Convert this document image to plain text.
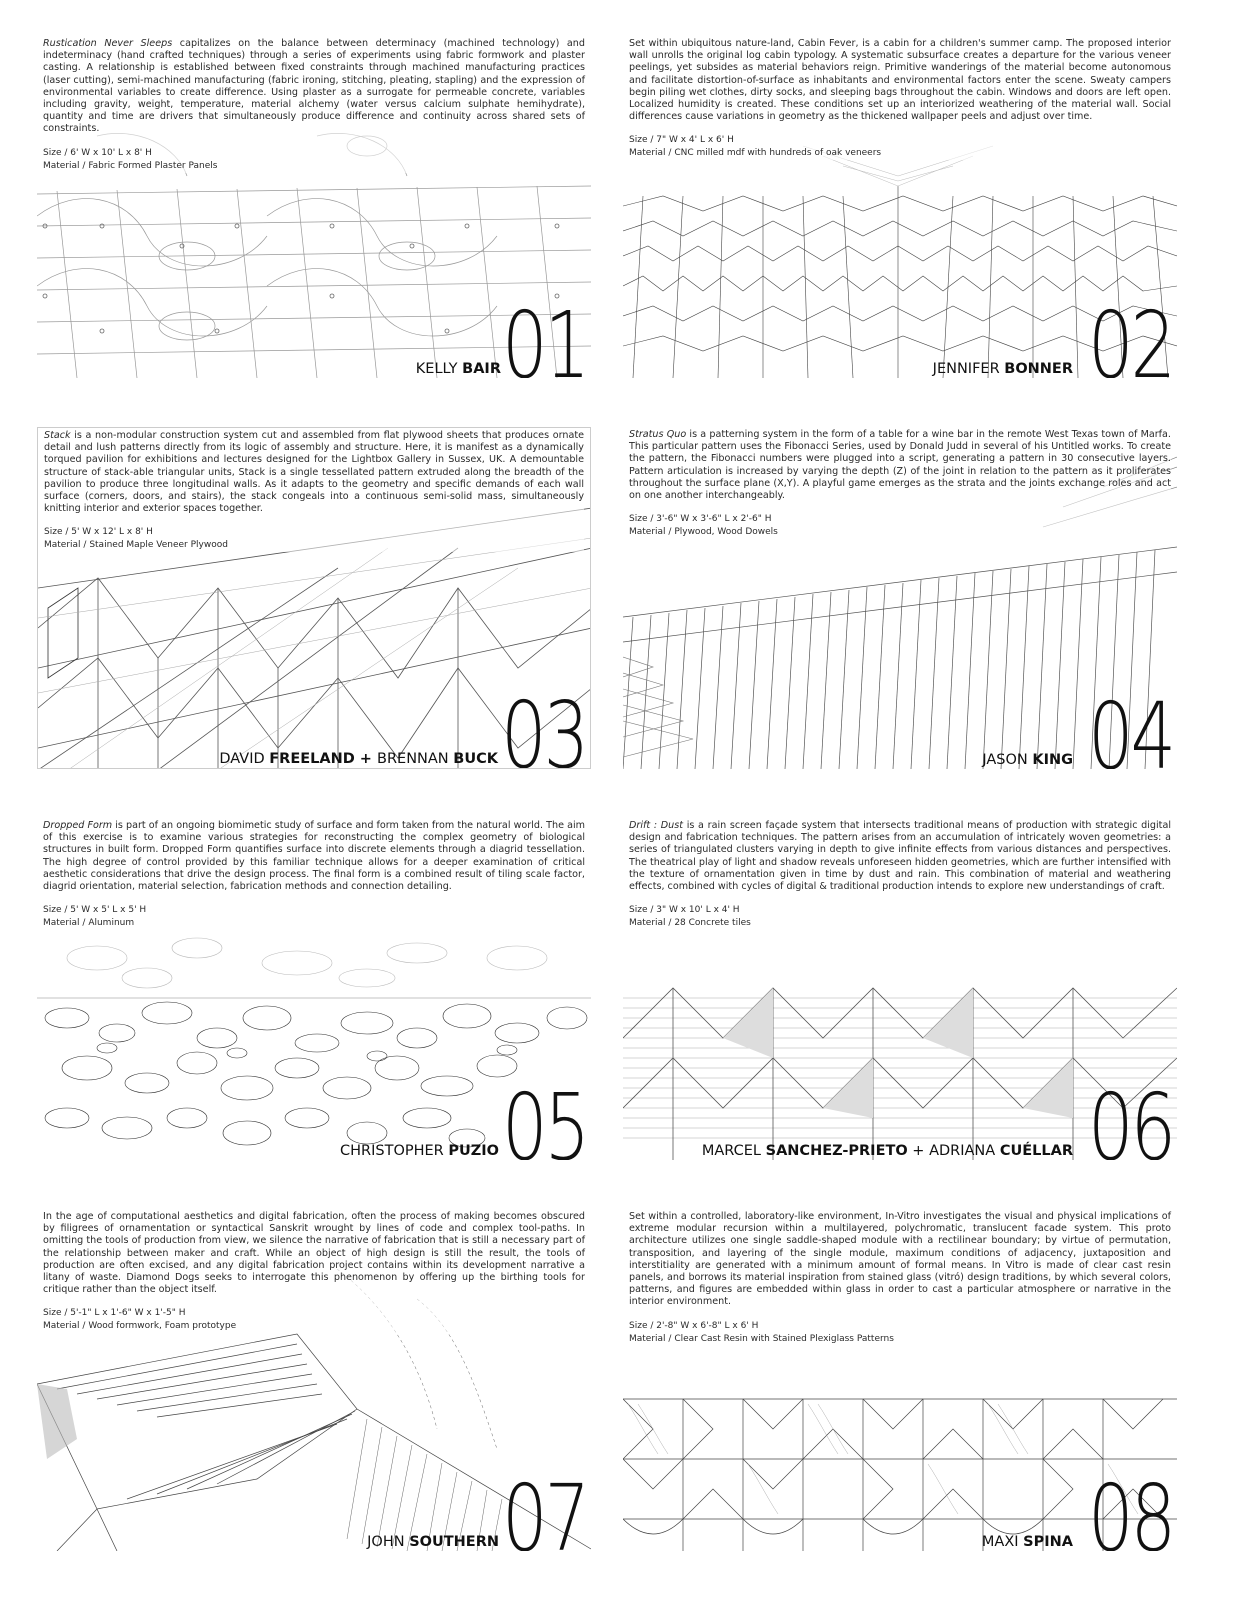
Rustication Never Sleeps capitalizes on the balance between determinacy (machined technology) and indeterminacy (hand crafted techniques) through a series of experiments using fabric formwork and plaster casting. A relationship is established between fixed constraints through machined manufacturing practices (laser cutting), semi-machined manufacturing (fabric ironing, stitching, pleating, stapling) and the expression of environmental variables to create difference. Using plaster as a surrogate for permeable concrete, variables including gravity, weight, temperature, material alchemy (water versus calcium sulphate hemihydrate), quantity and time are drivers that simultaneously produce difference and continuity across shared sets of constraints.
Size / 6' W x 10' L x 8' H
Material / Fabric Formed Plaster Panels
KELLY BAIR 01
Set within ubiquitous nature-land, Cabin Fever, is a cabin for a children's summer camp. The proposed interior wall unrolls the original log cabin typology. A systematic subsurface creates a departure for the various veneer peelings, yet subsides as material behaviors reign. Primitive wanderings of the material become autonomous and facilitate distortion-of-surface as inhabitants and environmental factors enter the scene. Sweaty campers begin piling wet clothes, dirty socks, and sleeping bags throughout the cabin. Windows and doors are left open. Localized humidity is created. These conditions set up an interiorized weathering of the material wall. Social differences cause variations in geometry as the thickened wallpaper peels and adjust over time.
Size / 7" W x 4' L x 6' H
Material / CNC milled mdf with hundreds of oak veneers
JENNIFER BONNER 02
Stack is a non-modular construction system cut and assembled from flat plywood sheets that produces ornate detail and lush patterns directly from its logic of assembly and structure. Here, it is manifest as a dynamically torqued pavilion for exhibitions and lectures designed for the Lightbox Gallery in Sussex, UK. A demountable structure of stack-able triangular units, Stack is a single tessellated pattern extruded along the breadth of the pavilion to produce three longitudinal walls. As it adapts to the geometry and specific demands of each wall surface (corners, doors, and stairs), the stack congeals into a continuous semi-solid mass, simultaneously knitting interior and exterior spaces together.
Size / 5' W x 12' L x 8' H
Material / Stained Maple Veneer Plywood
DAVID FREELAND + BRENNAN BUCK 03
Stratus Quo is a patterning system in the form of a table for a wine bar in the remote West Texas town of Marfa. This particular pattern uses the Fibonacci Series, used by Donald Judd in several of his Untitled works. To create the pattern, the Fibonacci numbers were plugged into a script, generating a pattern in 30 consecutive layers. Pattern articulation is increased by varying the depth (Z) of the joint in relation to the pattern as it proliferates throughout the surface plane (X,Y). A playful game emerges as the strata and the joints exchange roles and act on one another interchangeably.
Size / 3'-6" W x 3'-6" L x 2'-6" H
Material / Plywood, Wood Dowels
JASON KING 04
Dropped Form is part of an ongoing biomimetic study of surface and form taken from the natural world. The aim of this exercise is to examine various strategies for reconstructing the complex geometry of biological structures in built form. Dropped Form quantifies surface into discrete elements through a diagrid tessellation. The high degree of control provided by this familiar technique allows for a deeper examination of critical aesthetic considerations that drive the design process. The final form is a combined result of tiling scale factor, diagrid orientation, material selection, fabrication methods and connection detailing.
Size / 5' W x 5' L x 5' H
Material / Aluminum
CHRISTOPHER PUZIO 05
Drift : Dust is a rain screen façade system that intersects traditional means of production with strategic digital design and fabrication techniques. The pattern arises from an accumulation of intricately woven geometries: a series of triangulated clusters varying in depth to give infinite effects from various distances and perspectives. The theatrical play of light and shadow reveals unforeseen hidden geometries, which are further intensified with the texture of ornamentation given in time by dust and rain. This combination of material and weathering effects, combined with cycles of digital & traditional production intends to explore new understandings of craft.
Size / 3" W x 10' L x 4' H
Material / 28 Concrete tiles
MARCEL SANCHEZ-PRIETO + ADRIANA CUÉLLAR 06
In the age of computational aesthetics and digital fabrication, often the process of making becomes obscured by filigrees of ornamentation or syntactical Sanskrit wrought by lines of code and complex tool-paths. In omitting the tools of production from view, we silence the narrative of fabrication that is still a necessary part of the relationship between maker and craft. While an object of high design is still the result, the tools of production are often excised, and any digital fabrication project contains within its development narrative a litany of waste. Diamond Dogs seeks to interrogate this phenomenon by offering up the birthing tools for critique rather than the object itself.
Size / 5'-1" L x 1'-6" W x 1'-5" H
Material / Wood formwork, Foam prototype
JOHN SOUTHERN 07
Set within a controlled, laboratory-like environment, In-Vitro investigates the visual and physical implications of extreme modular recursion within a multilayered, polychromatic, translucent facade system. This proto architecture utilizes one single saddle-shaped module with a rectilinear boundary; by virtue of permutation, transposition, and layering of the single module, maximum conditions of adjacency, juxtaposition and interstitiality are generated with a minimum amount of formal means. In Vitro is made of clear cast resin panels, and borrows its material inspiration from stained glass (vitró) design traditions, by which several colors, patterns, and figures are embedded within glass in order to cast a particular atmosphere or narrative in the interior environment.
Size / 2'-8" W x 6'-8" L x 6' H
Material / Clear Cast Resin with Stained Plexiglass Patterns
MAXI SPINA 08
